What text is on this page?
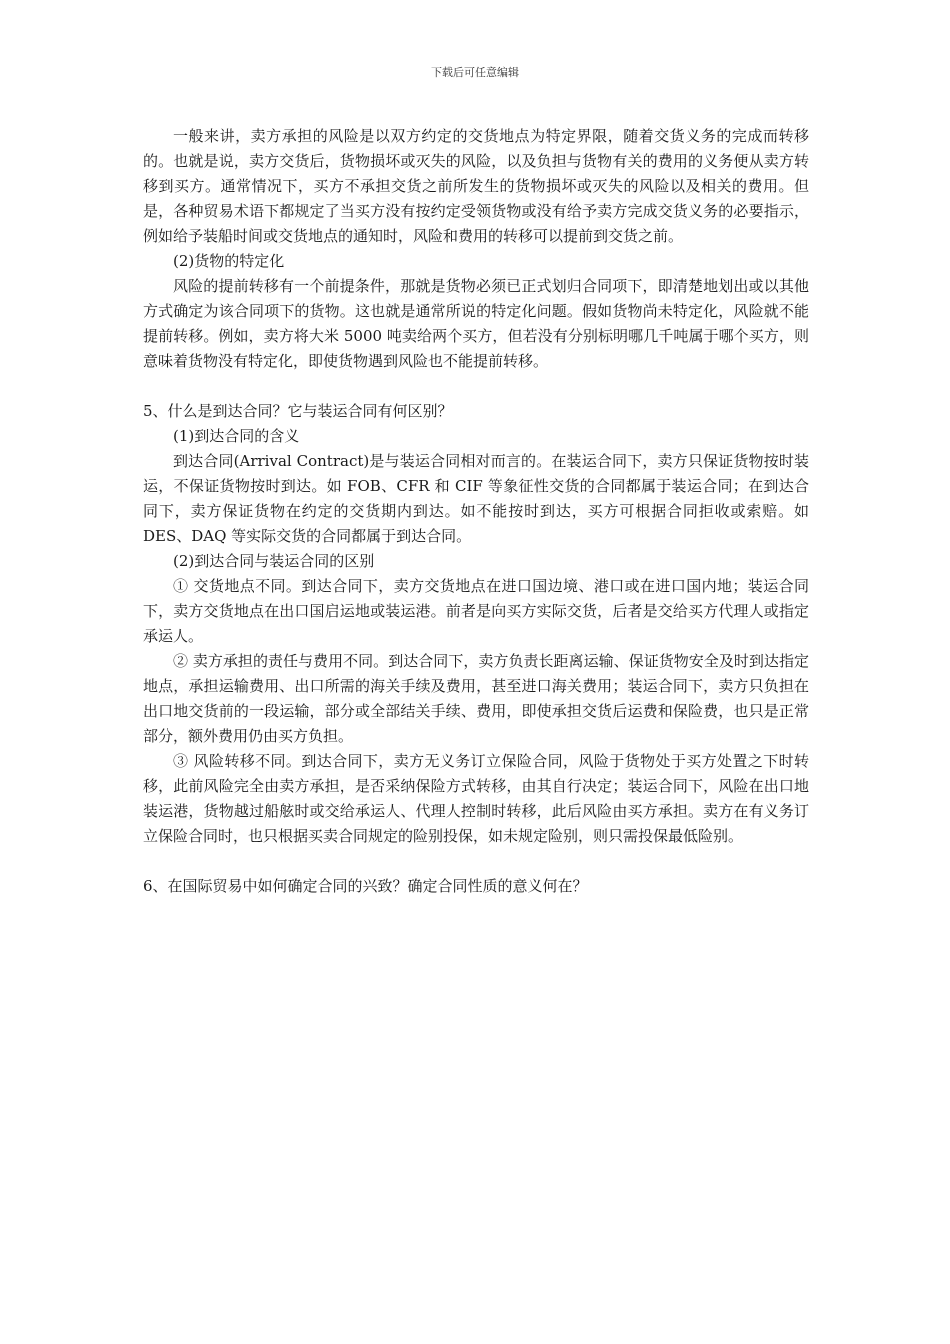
下载后可任意编辑

一般来讲，卖方承担的风险是以双方约定的交货地点为特定界限，随着交货义务的完成而转移的。也就是说，卖方交货后，货物损坏或灭失的风险，以及负担与货物有关的费用的义务便从卖方转移到买方。通常情况下，买方不承担交货之前所发生的货物损坏或灭失的风险以及相关的费用。但是，各种贸易术语下都规定了当买方没有按约定受领货物或没有给予卖方完成交货义务的必要指示，例如给予装船时间或交货地点的通知时，风险和费用的转移可以提前到交货之前。

(2)货物的特定化

风险的提前转移有一个前提条件，那就是货物必须已正式划归合同项下，即清楚地划出或以其他方式确定为该合同项下的货物。这也就是通常所说的特定化问题。假如货物尚未特定化，风险就不能提前转移。例如，卖方将大米 5000 吨卖给两个买方，但若没有分别标明哪几千吨属于哪个买方，则意味着货物没有特定化，即使货物遇到风险也不能提前转移。

5、什么是到达合同？它与装运合同有何区别？

(1)到达合同的含义

到达合同(Arrival Contract)是与装运合同相对而言的。在装运合同下，卖方只保证货物按时装运，不保证货物按时到达。如 FOB、CFR 和 CIF 等象征性交货的合同都属于装运合同；在到达合同下，卖方保证货物在约定的交货期内到达。如不能按时到达，买方可根据合同拒收或索赔。如 DES、DAQ 等实际交货的合同都属于到达合同。

(2)到达合同与装运合同的区别

① 交货地点不同。到达合同下，卖方交货地点在进口国边境、港口或在进口国内地；装运合同下，卖方交货地点在出口国启运地或装运港。前者是向买方实际交货，后者是交给买方代理人或指定承运人。

② 卖方承担的责任与费用不同。到达合同下，卖方负责长距离运输、保证货物安全及时到达指定地点，承担运输费用、出口所需的海关手续及费用，甚至进口海关费用；装运合同下，卖方只负担在出口地交货前的一段运输，部分或全部结关手续、费用，即使承担交货后运费和保险费，也只是正常部分，额外费用仍由买方负担。

③ 风险转移不同。到达合同下，卖方无义务订立保险合同，风险于货物处于买方处置之下时转移，此前风险完全由卖方承担，是否采纳保险方式转移，由其自行决定；装运合同下，风险在出口地装运港，货物越过船舷时或交给承运人、代理人控制时转移，此后风险由买方承担。卖方在有义务订立保险合同时，也只根据买卖合同规定的险别投保，如未规定险别，则只需投保最低险别。

6、在国际贸易中如何确定合同的兴致？确定合同性质的意义何在？
